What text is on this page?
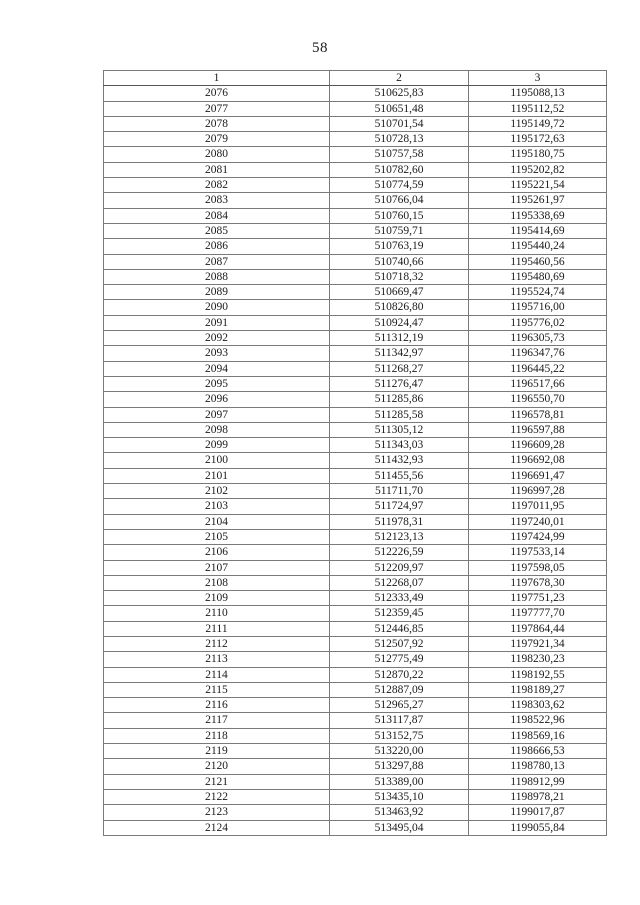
58
1	2	3
2076	510625,83	1195088,13
2077	510651,48	1195112,52
2078	510701,54	1195149,72
2079	510728,13	1195172,63
2080	510757,58	1195180,75
2081	510782,60	1195202,82
2082	510774,59	1195221,54
2083	510766,04	1195261,97
2084	510760,15	1195338,69
2085	510759,71	1195414,69
2086	510763,19	1195440,24
2087	510740,66	1195460,56
2088	510718,32	1195480,69
2089	510669,47	1195524,74
2090	510826,80	1195716,00
2091	510924,47	1195776,02
2092	511312,19	1196305,73
2093	511342,97	1196347,76
2094	511268,27	1196445,22
2095	511276,47	1196517,66
2096	511285,86	1196550,70
2097	511285,58	1196578,81
2098	511305,12	1196597,88
2099	511343,03	1196609,28
2100	511432,93	1196692,08
2101	511455,56	1196691,47
2102	511711,70	1196997,28
2103	511724,97	1197011,95
2104	511978,31	1197240,01
2105	512123,13	1197424,99
2106	512226,59	1197533,14
2107	512209,97	1197598,05
2108	512268,07	1197678,30
2109	512333,49	1197751,23
2110	512359,45	1197777,70
2111	512446,85	1197864,44
2112	512507,92	1197921,34
2113	512775,49	1198230,23
2114	512870,22	1198192,55
2115	512887,09	1198189,27
2116	512965,27	1198303,62
2117	513117,87	1198522,96
2118	513152,75	1198569,16
2119	513220,00	1198666,53
2120	513297,88	1198780,13
2121	513389,00	1198912,99
2122	513435,10	1198978,21
2123	513463,92	1199017,87
2124	513495,04	1199055,84
